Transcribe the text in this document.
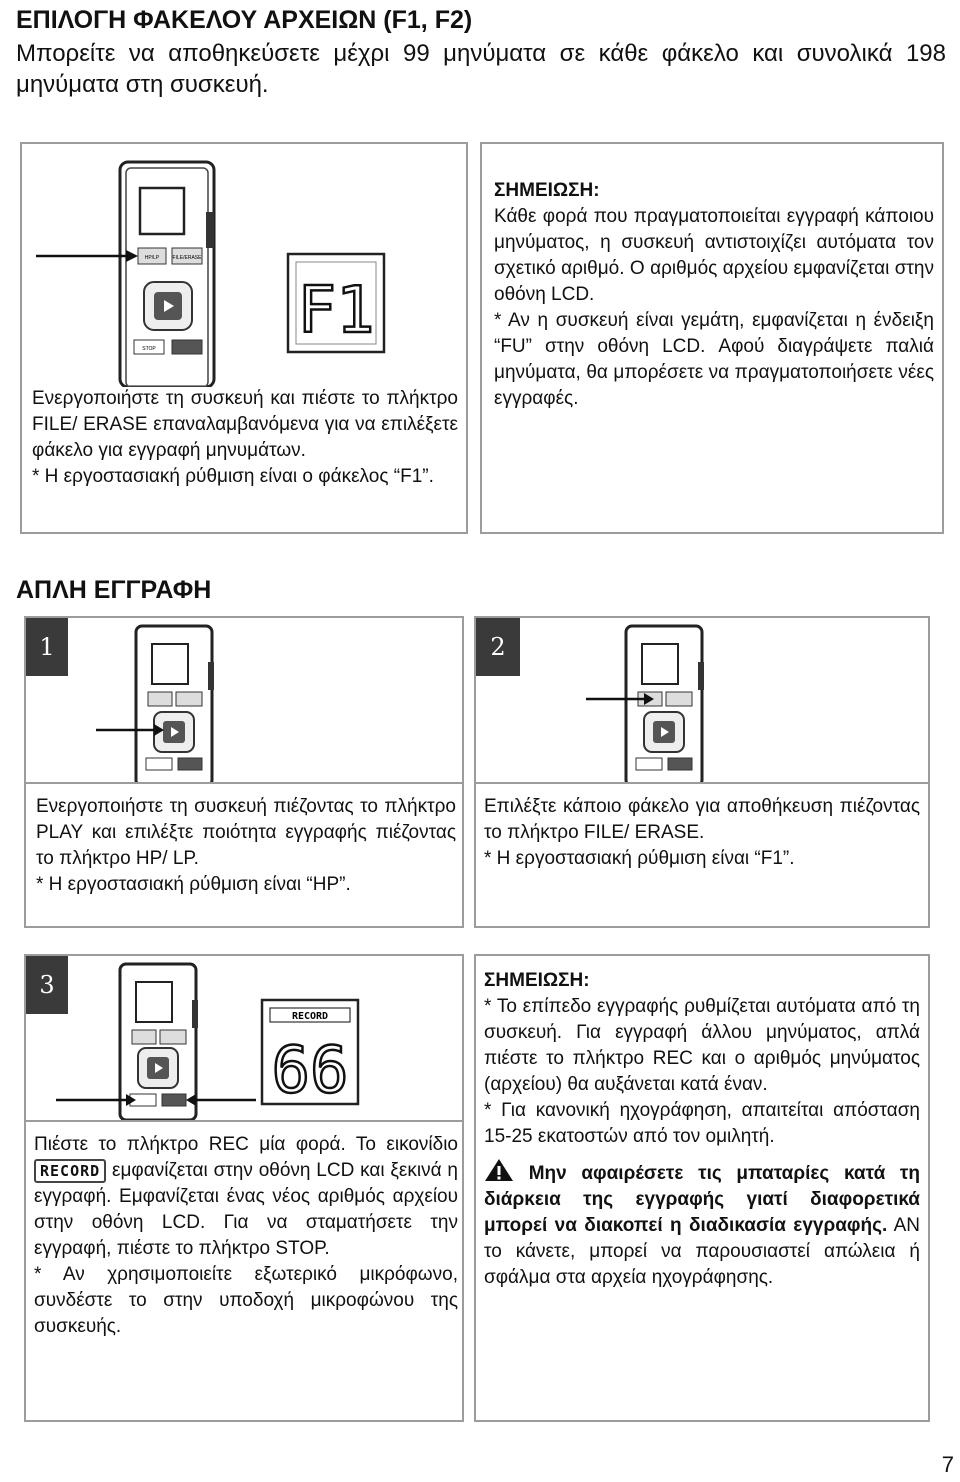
ΕΠΙΛΟΓΗ ΦΑΚΕΛΟΥ ΑΡΧΕΙΩΝ (F1, F2)
Μπορείτε να αποθηκεύσετε μέχρι 99 μηνύματα σε κάθε φάκελο και συνολικά 198 μηνύματα στη συσκευή.
HP/LP	FILE/ERASE
STOP
F1

Ενεργοποιήστε τη συσκευή και πιέστε το πλήκτρο FILE/ ERASE επαναλαμβανόμενα για να επιλέξετε φάκελο για εγγραφή μηνυμάτων.

* Η εργοστασιακή ρύθμιση είναι ο φάκελος “F1”.

ΣΗΜΕΙΩΣΗ:

Κάθε φορά που πραγματοποιείται εγγραφή κάποιου μηνύματος, η συσκευή αντιστοιχίζει αυτόματα τον σχετικό αριθμό. Ο αριθμός αρχείου εμφανίζεται στην οθόνη LCD.

* Αν η συσκευή είναι γεμάτη, εμφανίζεται η ένδειξη “FU” στην οθόνη LCD. Αφού διαγράψετε παλιά μηνύματα, θα μπορέσετε να πραγματοποιήσετε νέες εγγραφές.

ΑΠΛΗ ΕΓΓΡΑΦΗ
1

Ενεργοποιήστε τη συσκευή πιέζοντας το πλήκτρο PLAY και επιλέξτε ποιότητα εγγραφής πιέζοντας το πλήκτρο HP/ LP.

* Η εργοστασιακή ρύθμιση είναι “HP”.

2

Επιλέξτε κάποιο φάκελο για αποθήκευση πιέζοντας το πλήκτρο FILE/ ERASE.

* Η εργοστασιακή ρύθμιση είναι “F1”.

3
RECORD
66

Πιέστε το πλήκτρο REC μία φορά. Το εικονίδιο RECORD εμφανίζεται στην οθόνη LCD και ξεκινά η εγγραφή. Εμφανίζεται ένας νέος αριθμός αρχείου στην οθόνη LCD. Για να σταματήσετε την εγγραφή, πιέστε το πλήκτρο STOP.

* Αν χρησιμοποιείτε εξωτερικό μικρόφωνο, συνδέστε το στην υποδοχή μικροφώνου της συσκευής.

ΣΗΜΕΙΩΣΗ:

* Το επίπεδο εγγραφής ρυθμίζεται αυτόματα από τη συσκευή. Για εγγραφή άλλου μηνύματος, απλά πιέστε το πλήκτρο REC και ο αριθμός μηνύματος (αρχείου) θα αυξάνεται κατά έναν.

* Για κανονική ηχογράφηση, απαιτείται απόσταση 15-25 εκατοστών από τον ομιλητή.

Μην αφαιρέσετε τις μπαταρίες κατά τη διάρκεια της εγγραφής γιατί διαφορετικά μπορεί να διακοπεί η διαδικασία εγγραφής. ΑΝ το κάνετε, μπορεί να παρουσιαστεί απώλεια ή σφάλμα στα αρχεία ηχογράφησης.

7
